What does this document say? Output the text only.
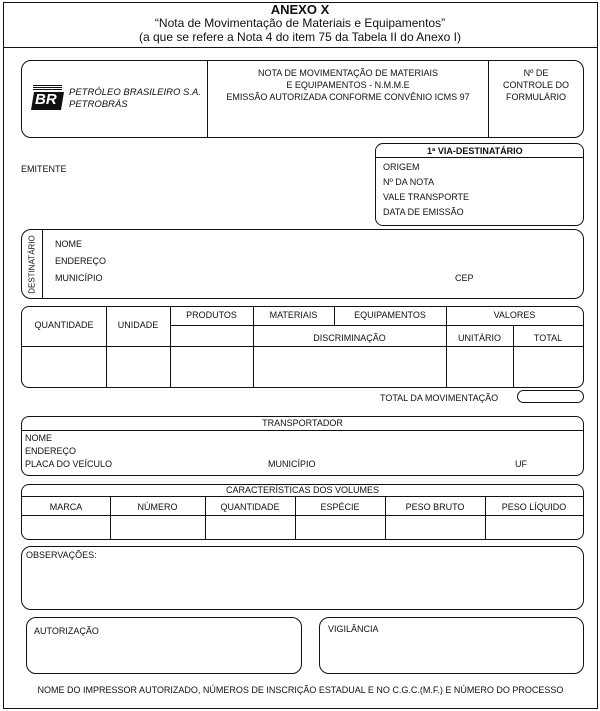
ANEXO X
“Nota de Movimentação de Materiais e Equipamentos”
(a que se refere a Nota 4 do item 75 da Tabela II do Anexo I)
BR PETRÓLEO BRASILEIRO S.A.
PETROBRÁS
NOTA DE MOVIMENTAÇÃO DE MATERIAIS
E EQUIPAMENTOS - N.M.M.E
EMISSÃO AUTORIZADA CONFORME CONVÊNIO ICMS 97
Nº DE
CONTROLE DO
FORMULÁRIO
EMITENTE
1ª VIA-DESTINATÁRIO
ORIGEM
Nº DA NOTA
VALE TRANSPORTE
DATA DE EMISSÃO
DESTINATÁRIO NOME
ENDEREÇO
MUNICÍPIO	CEP
QUANTIDADE	UNIDADE
PRODUTOS	MATERIAIS	EQUIPAMENTOS	VALORES
DISCRIMINAÇÃO	UNITÁRIO	TOTAL
TOTAL DA MOVIMENTAÇÃO
TRANSPORTADOR
NOME
ENDEREÇO
PLACA DO VEÍCULO	MUNICÍPIO	UF
CARACTERÍSTICAS DOS VOLUMES
MARCA	NÚMERO	QUANTIDADE	ESPÉCIE	PESO BRUTO	PESO LÍQUIDO
OBSERVAÇÕES:
AUTORIZAÇÃO	VIGILÂNCIA
NOME DO IMPRESSOR AUTORIZADO, NÚMEROS DE INSCRIÇÃO ESTADUAL E NO C.G.C.(M.F.) E NÚMERO DO PROCESSO
